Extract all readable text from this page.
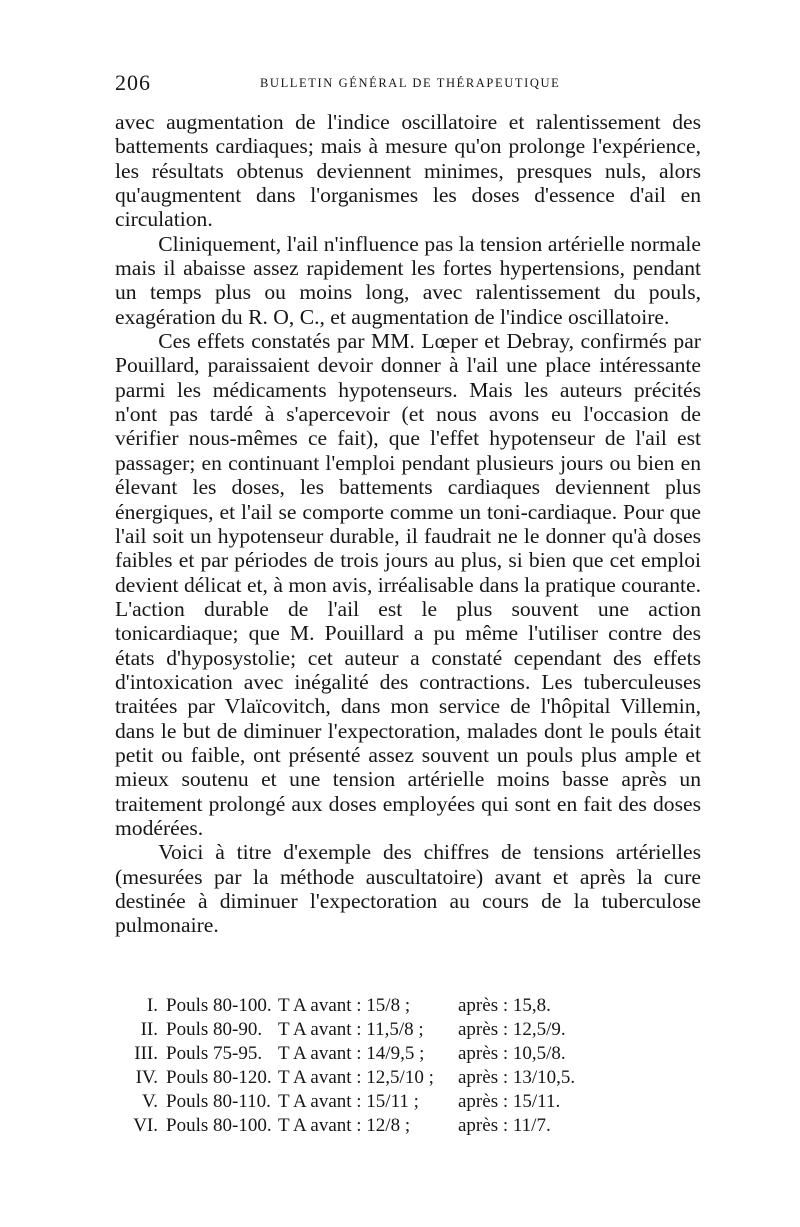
206	BULLETIN GÉNÉRAL DE THÉRAPEUTIQUE

avec augmentation de l'indice oscillatoire et ralentissement des battements cardiaques; mais à mesure qu'on prolonge l'expérience, les résultats obtenus deviennent minimes, presques nuls, alors qu'augmentent dans l'organismes les doses d'essence d'ail en circulation.

Cliniquement, l'ail n'influence pas la tension artérielle normale mais il abaisse assez rapidement les fortes hypertensions, pendant un temps plus ou moins long, avec ralentissement du pouls, exagération du R. O, C., et augmentation de l'indice oscillatoire.

Ces effets constatés par MM. Lœper et Debray, confirmés par Pouillard, paraissaient devoir donner à l'ail une place intéressante parmi les médicaments hypotenseurs. Mais les auteurs précités n'ont pas tardé à s'apercevoir (et nous avons eu l'occasion de vérifier nous-mêmes ce fait), que l'effet hypotenseur de l'ail est passager; en continuant l'emploi pendant plusieurs jours ou bien en élevant les doses, les battements cardiaques deviennent plus énergiques, et l'ail se comporte comme un toni-cardiaque. Pour que l'ail soit un hypotenseur durable, il faudrait ne le donner qu'à doses faibles et par périodes de trois jours au plus, si bien que cet emploi devient délicat et, à mon avis, irréalisable dans la pratique courante. L'action durable de l'ail est le plus souvent une action tonicardiaque; que M. Pouillard a pu même l'utiliser contre des états d'hyposystolie; cet auteur a constaté cependant des effets d'intoxication avec inégalité des contractions. Les tuberculeuses traitées par Vlaïcovitch, dans mon service de l'hôpital Villemin, dans le but de diminuer l'expectoration, malades dont le pouls était petit ou faible, ont présenté assez souvent un pouls plus ample et mieux soutenu et une tension artérielle moins basse après un traitement prolongé aux doses employées qui sont en fait des doses modérées.

Voici à titre d'exemple des chiffres de tensions artérielles (mesurées par la méthode auscultatoire) avant et après la cure destinée à diminuer l'expectoration au cours de la tuberculose pulmonaire.

I. Pouls 80-100. T A avant : 15/8 ;	après : 15,8.
II. Pouls 80-90. T A avant : 11,5/8 ; après : 12,5/9.
III. Pouls 75-95. T A avant : 14/9,5 ; après : 10,5/8.
IV. Pouls 80-120. T A avant : 12,5/10 ; après : 13/10,5.
V. Pouls 80-110. T A avant : 15/11 ; après : 15/11.
VI. Pouls 80-100. T A avant : 12/8 ;	après : 11/7.
